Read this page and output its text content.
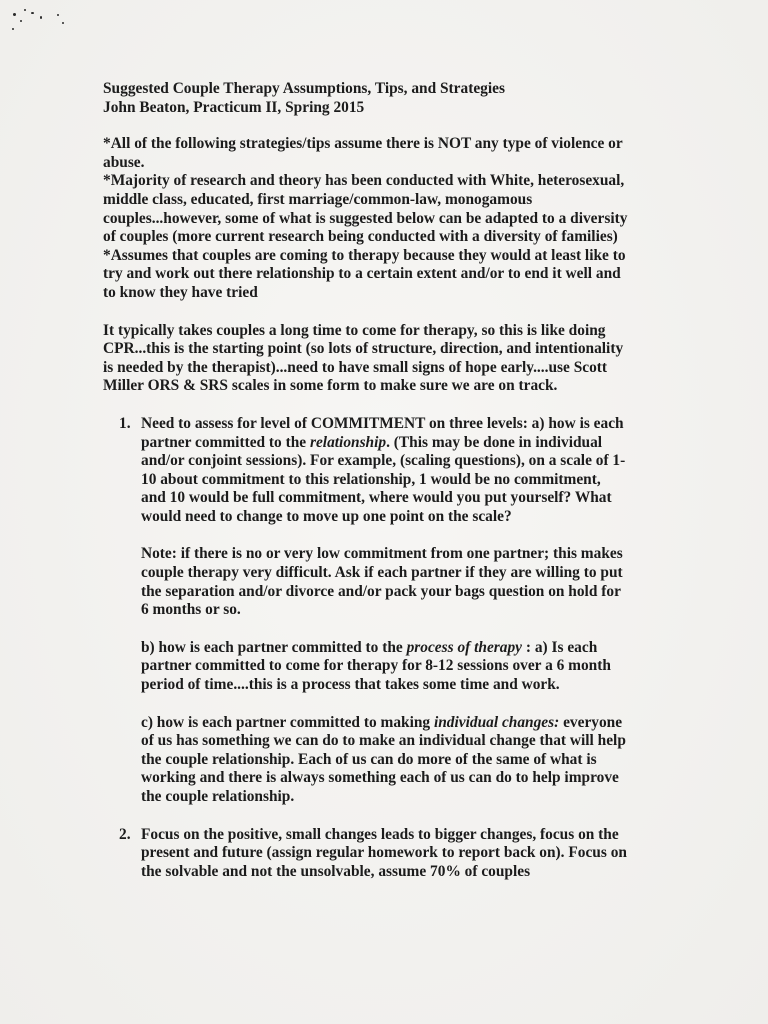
Suggested Couple Therapy Assumptions, Tips, and Strategies

John Beaton, Practicum II, Spring 2015

*All of the following strategies/tips assume there is NOT any type of violence or abuse.

*Majority of research and theory has been conducted with White, heterosexual, middle class, educated, first marriage/common-law, monogamous couples...however, some of what is suggested below can be adapted to a diversity of couples (more current research being conducted with a diversity of families)

*Assumes that couples are coming to therapy because they would at least like to try and work out there relationship to a certain extent and/or to end it well and to know they have tried

It typically takes couples a long time to come for therapy, so this is like doing CPR...this is the starting point (so lots of structure, direction, and intentionality is needed by the therapist)...need to have small signs of hope early....use Scott Miller ORS & SRS scales in some form to make sure we are on track.

1. Need to assess for level of COMMITMENT on three levels: a) how is each partner committed to the relationship. (This may be done in individual and/or conjoint sessions). For example, (scaling questions), on a scale of 1-10 about commitment to this relationship, 1 would be no commitment, and 10 would be full commitment, where would you put yourself? What would need to change to move up one point on the scale?

Note: if there is no or very low commitment from one partner; this makes couple therapy very difficult. Ask if each partner if they are willing to put the separation and/or divorce and/or pack your bags question on hold for 6 months or so.

b) how is each partner committed to the process of therapy : a) Is each partner committed to come for therapy for 8-12 sessions over a 6 month period of time....this is a process that takes some time and work.

c) how is each partner committed to making individual changes: everyone of us has something we can do to make an individual change that will help the couple relationship. Each of us can do more of the same of what is working and there is always something each of us can do to help improve the couple relationship.

2. Focus on the positive, small changes leads to bigger changes, focus on the present and future (assign regular homework to report back on). Focus on the solvable and not the unsolvable, assume 70% of couples
